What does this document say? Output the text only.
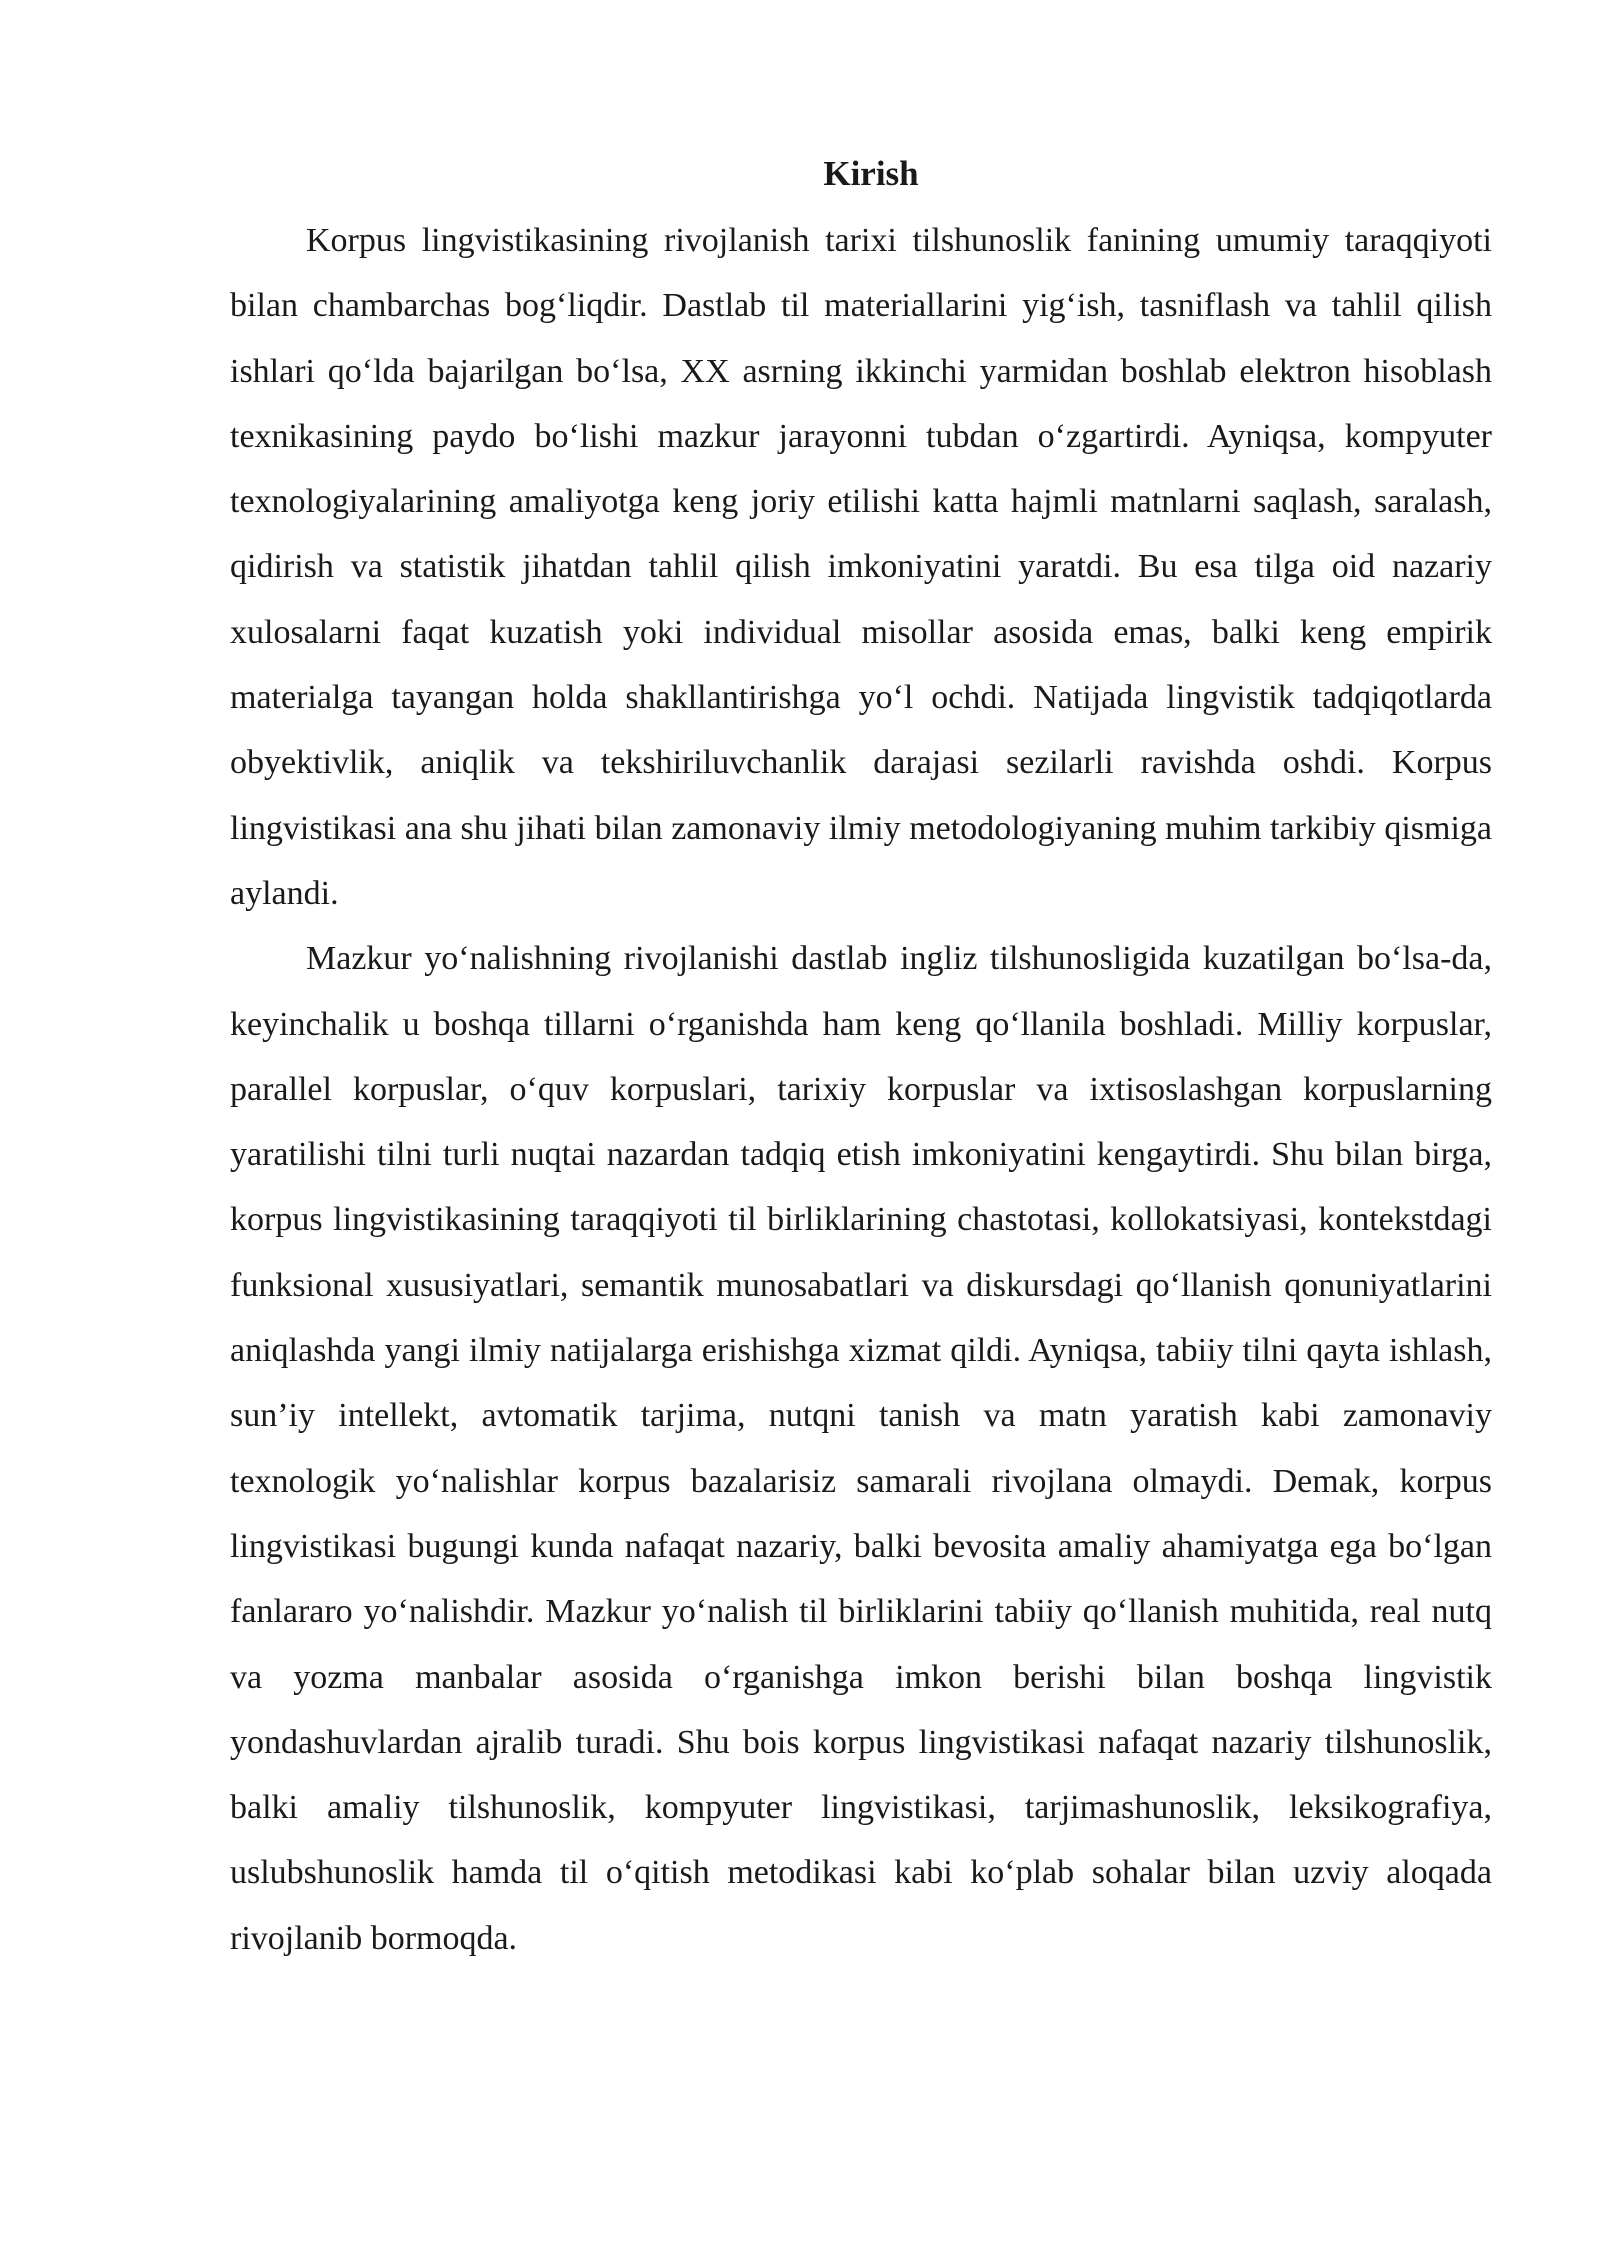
Kirish

Korpus lingvistikasining rivojlanish tarixi tilshunoslik fanining umumiy taraqqiyoti bilan chambarchas bog‘liqdir. Dastlab til materiallarini yig‘ish, tasniflash va tahlil qilish ishlari qo‘lda bajarilgan bo‘lsa, XX asrning ikkinchi yarmidan boshlab elektron hisoblash texnikasining paydo bo‘lishi mazkur jarayonni tubdan o‘zgartirdi. Ayniqsa, kompyuter texnologiyalarining amaliyotga keng joriy etilishi katta hajmli matnlarni saqlash, saralash, qidirish va statistik jihatdan tahlil qilish imkoniyatini yaratdi. Bu esa tilga oid nazariy xulosalarni faqat kuzatish yoki individual misollar asosida emas, balki keng empirik materialga tayangan holda shakllantirishga yo‘l ochdi. Natijada lingvistik tadqiqotlarda obyektivlik, aniqlik va tekshiriluvchanlik darajasi sezilarli ravishda oshdi. Korpus lingvistikasi ana shu jihati bilan zamonaviy ilmiy metodologiyaning muhim tarkibiy qismiga aylandi.

Mazkur yo‘nalishning rivojlanishi dastlab ingliz tilshunosligida kuzatilgan bo‘lsa-da, keyinchalik u boshqa tillarni o‘rganishda ham keng qo‘llanila boshladi. Milliy korpuslar, parallel korpuslar, o‘quv korpuslari, tarixiy korpuslar va ixtisoslashgan korpuslarning yaratilishi tilni turli nuqtai nazardan tadqiq etish imkoniyatini kengaytirdi. Shu bilan birga, korpus lingvistikasining taraqqiyoti til birliklarining chastotasi, kollokatsiyasi, kontekstdagi funksional xususiyatlari, semantik munosabatlari va diskursdagi qo‘llanish qonuniyatlarini aniqlashda yangi ilmiy natijalarga erishishga xizmat qildi. Ayniqsa, tabiiy tilni qayta ishlash, sun’iy intellekt, avtomatik tarjima, nutqni tanish va matn yaratish kabi zamonaviy texnologik yo‘nalishlar korpus bazalarisiz samarali rivojlana olmaydi. Demak, korpus lingvistikasi bugungi kunda nafaqat nazariy, balki bevosita amaliy ahamiyatga ega bo‘lgan fanlararo yo‘nalishdir. Mazkur yo‘nalish til birliklarini tabiiy qo‘llanish muhitida, real nutq va yozma manbalar asosida o‘rganishga imkon berishi bilan boshqa lingvistik yondashuvlardan ajralib turadi. Shu bois korpus lingvistikasi nafaqat nazariy tilshunoslik, balki amaliy tilshunoslik, kompyuter lingvistikasi, tarjimashunoslik, leksikografiya, uslubshunoslik hamda til o‘qitish metodikasi kabi ko‘plab sohalar bilan uzviy aloqada rivojlanib bormoqda.
